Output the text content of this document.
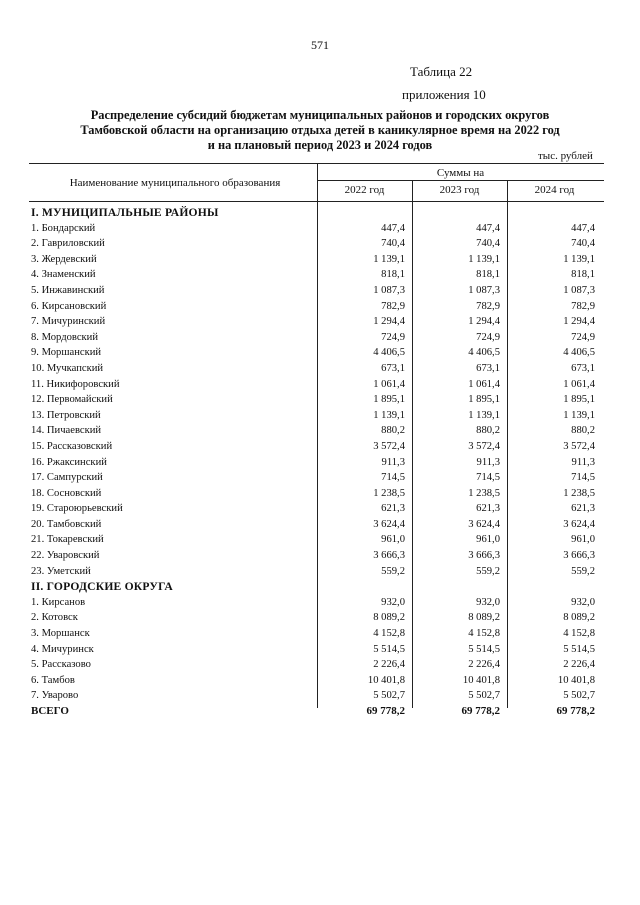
571
Таблица 22
приложения 10
Распределение субсидий бюджетам муниципальных районов и городских округов
Тамбовской области на организацию отдыха детей в каникулярное время на 2022 год
и на плановый период 2023 и 2024 годов
тыс. рублей
Наименование муниципального образования
Суммы на
2022 год	2023 год	2024 год
I. МУНИЦИПАЛЬНЫЕ РАЙОНЫ
1. Бондарский	447,4	447,4	447,4
2. Гавриловский	740,4	740,4	740,4
3. Жердевский	1 139,1	1 139,1	1 139,1
4. Знаменский	818,1	818,1	818,1
5. Инжавинский	1 087,3	1 087,3	1 087,3
6. Кирсановский	782,9	782,9	782,9
7. Мичуринский	1 294,4	1 294,4	1 294,4
8. Мордовский	724,9	724,9	724,9
9. Моршанский	4 406,5	4 406,5	4 406,5
10. Мучкапский	673,1	673,1	673,1
11. Никифоровский	1 061,4	1 061,4	1 061,4
12. Первомайский	1 895,1	1 895,1	1 895,1
13. Петровский	1 139,1	1 139,1	1 139,1
14. Пичаевский	880,2	880,2	880,2
15. Рассказовский	3 572,4	3 572,4	3 572,4
16. Ржаксинский	911,3	911,3	911,3
17. Сампурский	714,5	714,5	714,5
18. Сосновский	1 238,5	1 238,5	1 238,5
19. Староюрьевский	621,3	621,3	621,3
20. Тамбовский	3 624,4	3 624,4	3 624,4
21. Токаревский	961,0	961,0	961,0
22. Уваровский	3 666,3	3 666,3	3 666,3
23. Уметский	559,2	559,2	559,2
II. ГОРОДСКИЕ ОКРУГА
1. Кирсанов	932,0	932,0	932,0
2. Котовск	8 089,2	8 089,2	8 089,2
3. Моршанск	4 152,8	4 152,8	4 152,8
4. Мичуринск	5 514,5	5 514,5	5 514,5
5. Рассказово	2 226,4	2 226,4	2 226,4
6. Тамбов	10 401,8	10 401,8	10 401,8
7. Уварово	5 502,7	5 502,7	5 502,7
ВСЕГО	69 778,2	69 778,2	69 778,2
